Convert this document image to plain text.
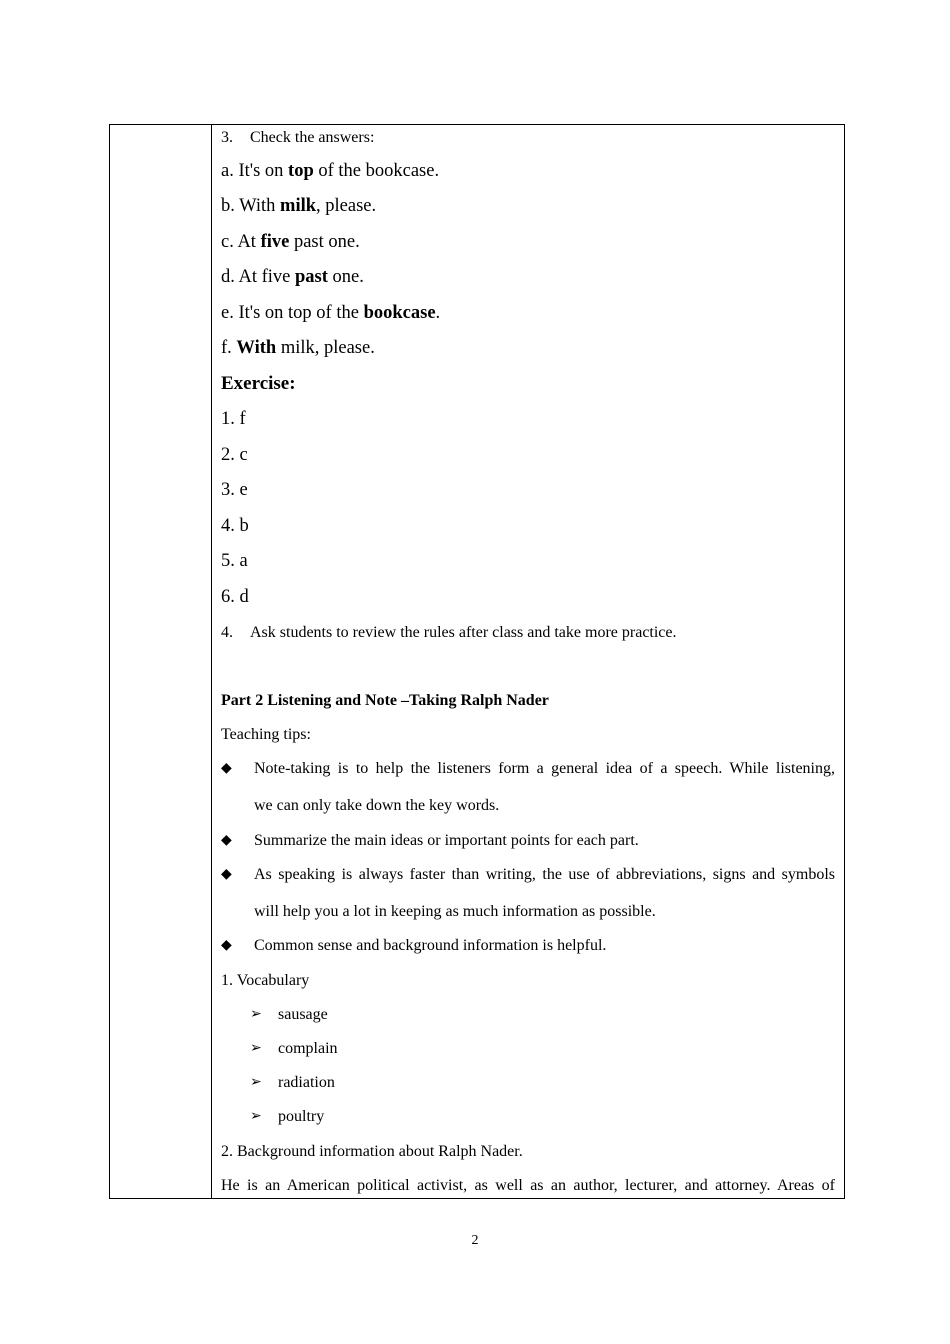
3. Check the answers:
a. It's on top of the bookcase.
b. With milk, please.
c. At five past one.
d. At five past one.
e. It's on top of the bookcase.
f. With milk, please.
Exercise:
1. f
2. c
3. e
4. b
5. a
6. d
4. Ask students to review the rules after class and take more practice.
Part 2 Listening and Note –Taking Ralph Nader
Teaching tips:
◆ Note-taking is to help the listeners form a general idea of a speech. While listening,
we can only take down the key words.
◆ Summarize the main ideas or important points for each part.
◆ As speaking is always faster than writing, the use of abbreviations, signs and symbols
will help you a lot in keeping as much information as possible.
◆ Common sense and background information is helpful.
1. Vocabulary
➢ sausage
➢ complain
➢ radiation
➢ poultry
2. Background information about Ralph Nader.
He is an American political activist, as well as an author, lecturer, and attorney. Areas of
2
